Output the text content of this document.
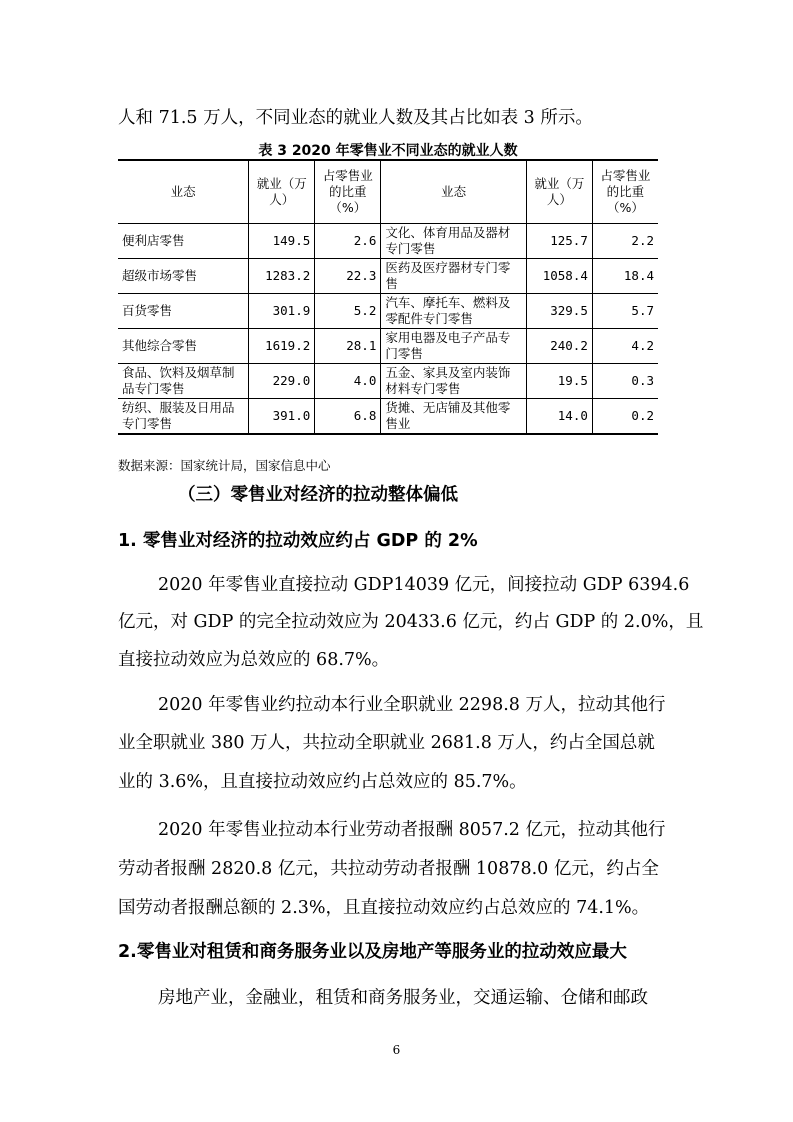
人和 71.5 万人，不同业态的就业人数及其占比如表 3 所示。
表 3 2020 年零售业不同业态的就业人数
业态	就业（万人）	占零售业的比重（%）	业态	就业（万人）	占零售业的比重（%）
便利店零售	149.5	2.6	文化、体育用品及器材专门零售	125.7	2.2
超级市场零售	1283.2	22.3	医药及医疗器材专门零售	1058.4	18.4
百货零售	301.9	5.2	汽车、摩托车、燃料及零配件专门零售	329.5	5.7
其他综合零售	1619.2	28.1	家用电器及电子产品专门零售	240.2	4.2
食品、饮料及烟草制品专门零售	229.0	4.0	五金、家具及室内装饰材料专门零售	19.5	0.3
纺织、服装及日用品专门零售	391.0	6.8	货摊、无店铺及其他零售业	14.0	0.2
数据来源：国家统计局，国家信息中心
（三）零售业对经济的拉动整体偏低
1. 零售业对经济的拉动效应约占 GDP 的 2%
2020 年零售业直接拉动 GDP14039 亿元，间接拉动 GDP 6394.6
亿元，对 GDP 的完全拉动效应为 20433.6 亿元，约占 GDP 的 2.0%，且
直接拉动效应为总效应的 68.7%。
2020 年零售业约拉动本行业全职就业 2298.8 万人，拉动其他行
业全职就业 380 万人，共拉动全职就业 2681.8 万人，约占全国总就
业的 3.6%，且直接拉动效应约占总效应的 85.7%。
2020 年零售业拉动本行业劳动者报酬 8057.2 亿元，拉动其他行
劳动者报酬 2820.8 亿元，共拉动劳动者报酬 10878.0 亿元，约占全
国劳动者报酬总额的 2.3%，且直接拉动效应约占总效应的 74.1%。
2.零售业对租赁和商务服务业以及房地产等服务业的拉动效应最大
房地产业，金融业，租赁和商务服务业，交通运输、仓储和邮政
6
